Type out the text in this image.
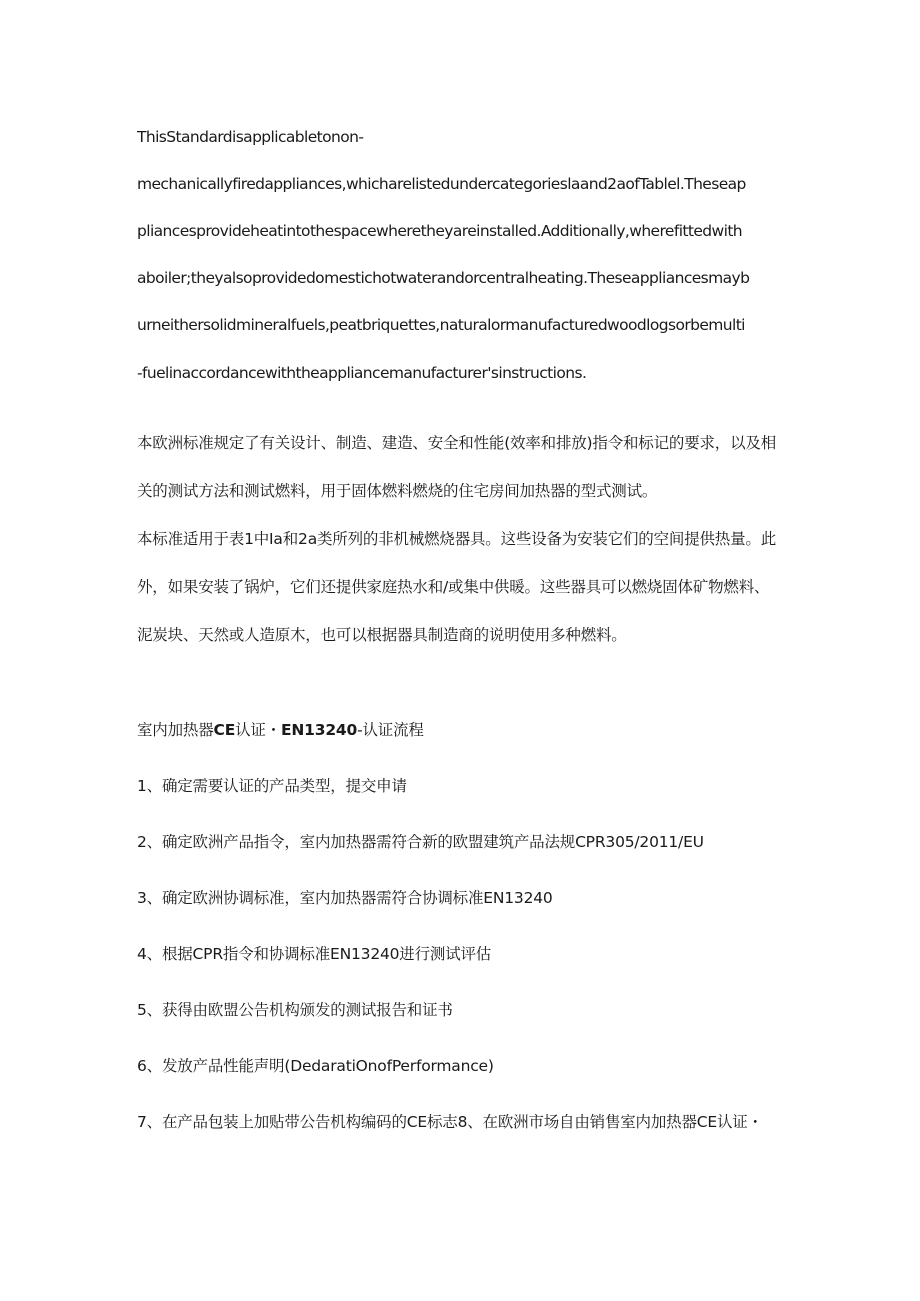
ThisStandardisapplicabletonon-
mechanicallyfiredappliances,whicharelistedundercategorieslaand2aofTablel.Theseap
pliancesprovideheatintothespacewheretheyareinstalled.Additionally,wherefittedwith
aboiler;theyalsoprovidedomestichotwaterandorcentralheating.Theseappliancesmayb
urneithersolidmineralfuels,peatbriquettes,naturalormanufacturedwoodlogsorbemulti
-fuelinaccordancewiththeappliancemanufacturer'sinstructions.
本欧洲标准规定了有关设计、制造、建造、安全和性能(效率和排放)指令和标记的要求，以及相
关的测试方法和测试燃料，用于固体燃料燃烧的住宅房间加热器的型式测试。
本标准适用于表1中Ia和2a类所列的非机械燃烧器具。这些设备为安装它们的空间提供热量。此
外，如果安装了锅炉，它们还提供家庭热水和/或集中供暖。这些器具可以燃烧固体矿物燃料、
泥炭块、天然或人造原木，也可以根据器具制造商的说明使用多种燃料。
室内加热器CE认证・EN13240-认证流程
1、确定需要认证的产品类型，提交申请
2、确定欧洲产品指令，室内加热器需符合新的欧盟建筑产品法规CPR305/2011/EU
3、确定欧洲协调标准，室内加热器需符合协调标准EN13240
4、根据CPR指令和协调标准EN13240进行测试评估
5、获得由欧盟公告机构颁发的测试报告和证书
6、发放产品性能声明(DedaratiOnofPerformance)
7、在产品包装上加贴带公告机构编码的CE标志8、在欧洲市场自由销售室内加热器CE认证・
